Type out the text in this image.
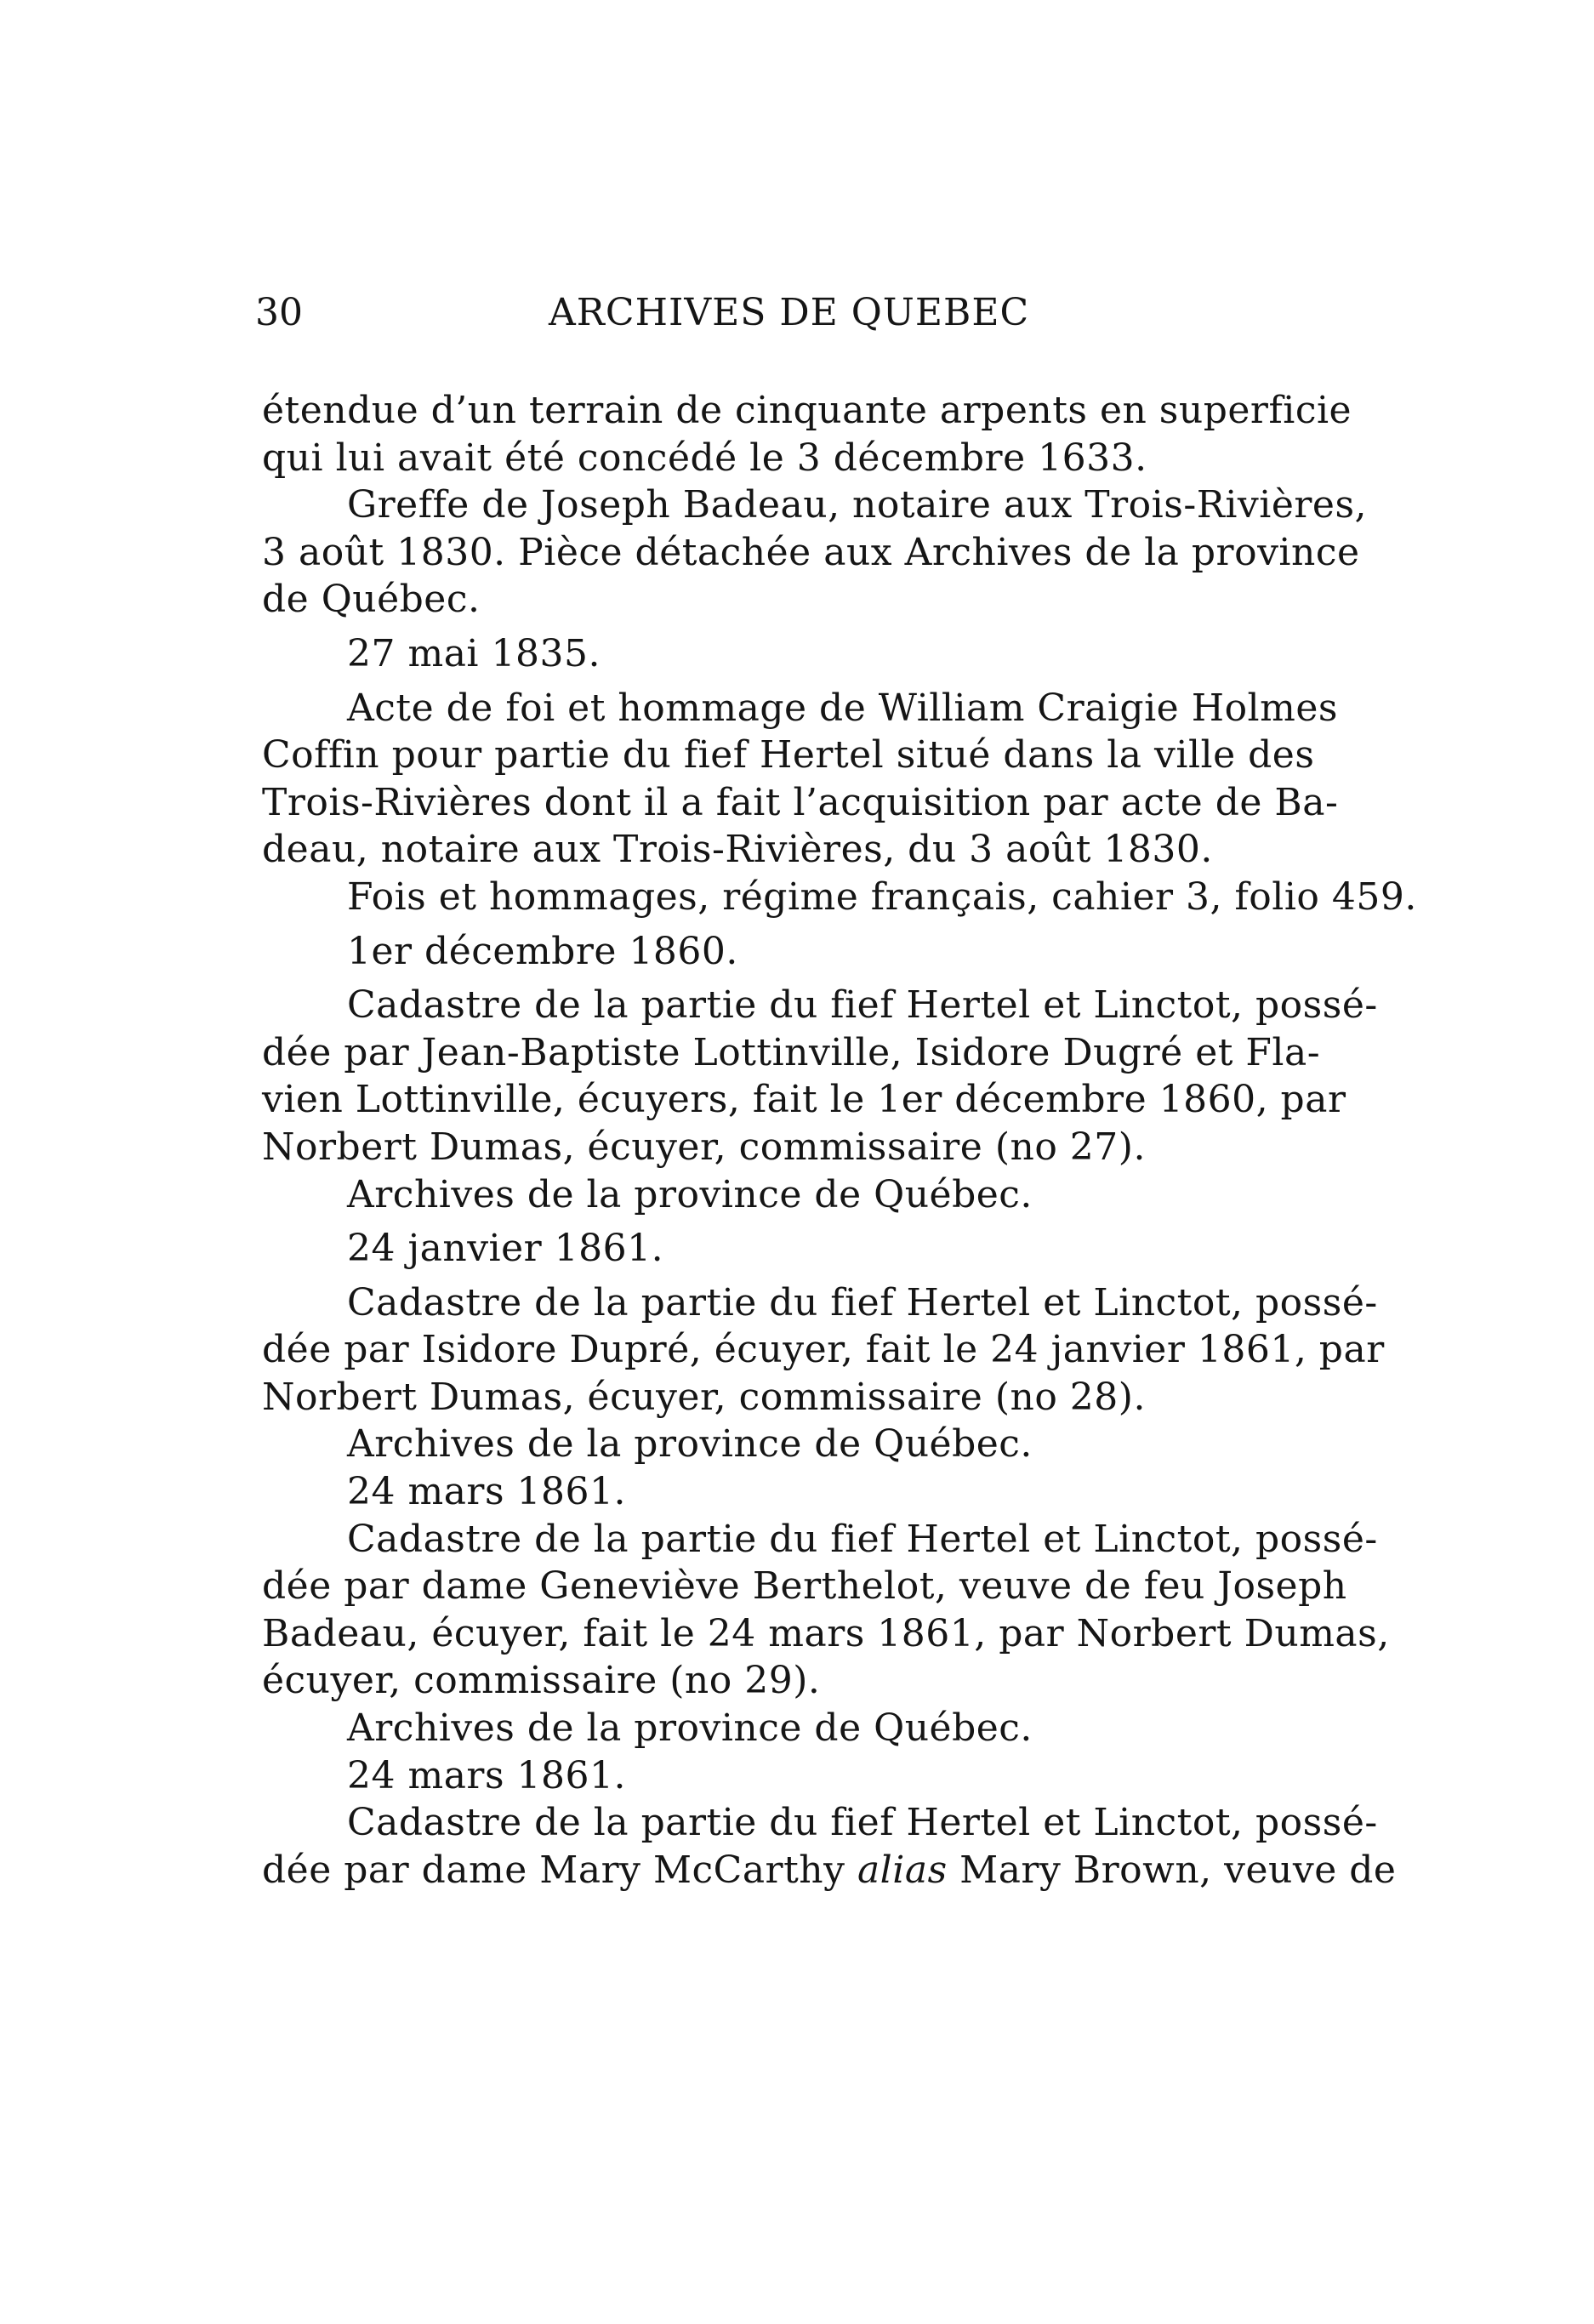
30	ARCHIVES DE QUEBEC
étendue d’un terrain de cinquante arpents en superficie
qui lui avait été concédé le 3 décembre 1633.
Greffe de Joseph Badeau, notaire aux Trois-Rivières,
3 août 1830. Pièce détachée aux Archives de la province
de Québec.
27 mai 1835.
Acte de foi et hommage de William Craigie Holmes
Coffin pour partie du fief Hertel situé dans la ville des
Trois-Rivières dont il a fait l’acquisition par acte de Ba-
deau, notaire aux Trois-Rivières, du 3 août 1830.
Fois et hommages, régime français, cahier 3, folio 459.
1er décembre 1860.
Cadastre de la partie du fief Hertel et Linctot, possé-
dée par Jean-Baptiste Lottinville, Isidore Dugré et Fla-
vien Lottinville, écuyers, fait le 1er décembre 1860, par
Norbert Dumas, écuyer, commissaire (no 27).
Archives de la province de Québec.
24 janvier 1861.
Cadastre de la partie du fief Hertel et Linctot, possé-
dée par Isidore Dupré, écuyer, fait le 24 janvier 1861, par
Norbert Dumas, écuyer, commissaire (no 28).
Archives de la province de Québec.
24 mars 1861.
Cadastre de la partie du fief Hertel et Linctot, possé-
dée par dame Geneviève Berthelot, veuve de feu Joseph
Badeau, écuyer, fait le 24 mars 1861, par Norbert Dumas,
écuyer, commissaire (no 29).
Archives de la province de Québec.
24 mars 1861.
Cadastre de la partie du fief Hertel et Linctot, possé-
dée par dame Mary McCarthy alias Mary Brown, veuve de
